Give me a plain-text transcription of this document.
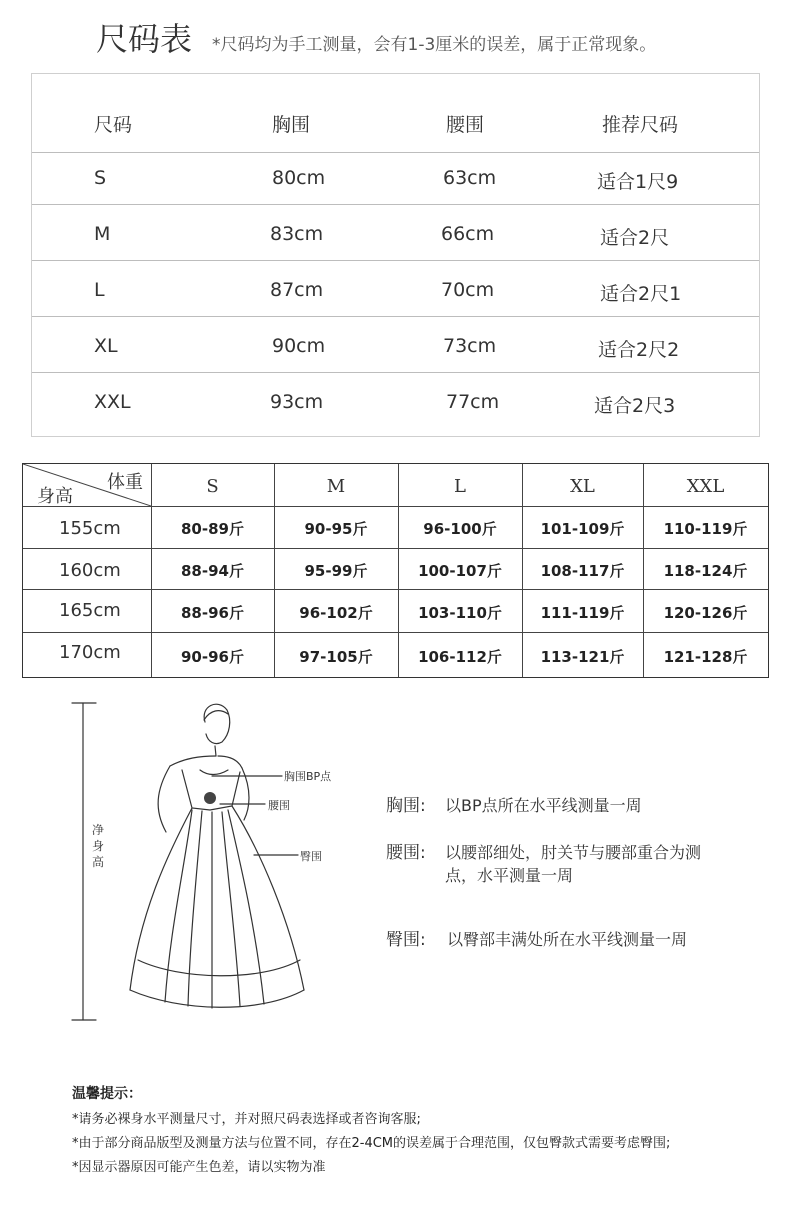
尺码表 *尺码均为手工测量，会有1-3厘米的误差，属于正常现象。
尺码	胸围	腰围	推荐尺码
S	80cm	63cm	适合1尺9
M	83cm	66cm	适合2尺
L	87cm	70cm	适合2尺1
XL	90cm	73cm	适合2尺2
XXL	93cm	77cm	适合2尺3
体重
身高	S	M	L	XL	XXL
155cm	80-89斤	90-95斤	96-100斤	101-109斤	110-119斤
160cm	88-94斤	95-99斤	100-107斤	108-117斤	118-124斤
165cm	88-96斤	96-102斤	103-110斤	111-119斤	120-126斤
170cm	90-96斤	97-105斤	106-112斤	113-121斤	121-128斤
净身高
胸围BP点
腰围
臀围
胸围: 以BP点所在水平线测量一周
腰围: 以腰部细处，肘关节与腰部重合为测
点，水平测量一周
臀围: 以臀部丰满处所在水平线测量一周
温馨提示：
*请务必裸身水平测量尺寸，并对照尺码表选择或者咨询客服;
*由于部分商品版型及测量方法与位置不同，存在2-4CM的误差属于合理范围，仅包臀款式需要考虑臀围;
*因显示器原因可能产生色差，请以实物为准
